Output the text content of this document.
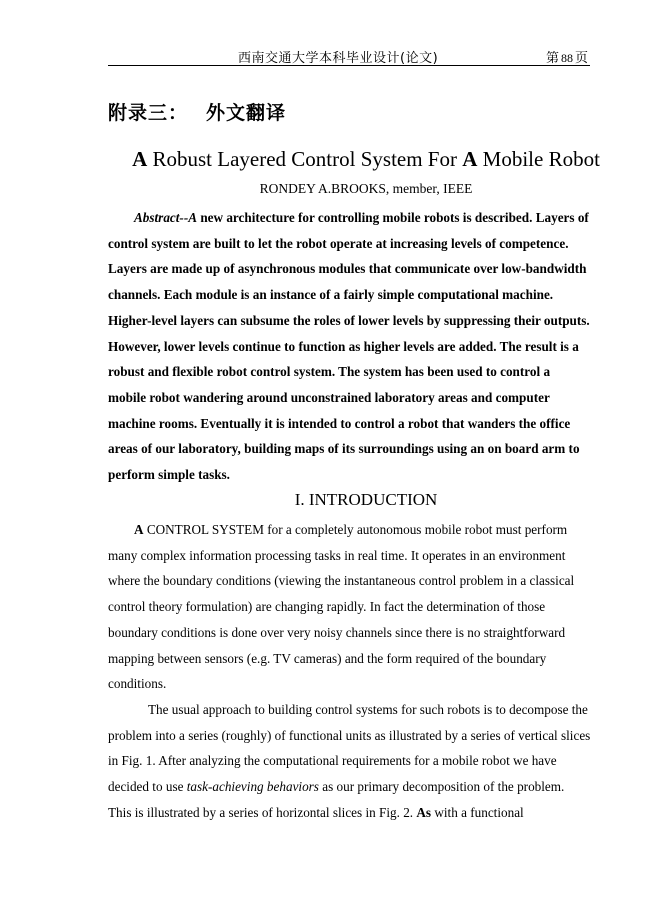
西南交通大学本科毕业设计(论文)	第 88 页
附录三： 外文翻译
A Robust Layered Control System For A Mobile Robot
RONDEY A.BROOKS, member, IEEE
Abstract--A new architecture for controlling mobile robots is described. Layers of
control system are built to let the robot operate at increasing levels of competence.
Layers are made up of asynchronous modules that communicate over low-bandwidth
channels. Each module is an instance of a fairly simple computational machine.
Higher-level layers can subsume the roles of lower levels by suppressing their outputs.
However, lower levels continue to function as higher levels are added. The result is a
robust and flexible robot control system. The system has been used to control a
mobile robot wandering around unconstrained laboratory areas and computer
machine rooms. Eventually it is intended to control a robot that wanders the office
areas of our laboratory, building maps of its surroundings using an on board arm to
perform simple tasks.
I. INTRODUCTION
A CONTROL SYSTEM for a completely autonomous mobile robot must perform
many complex information processing tasks in real time. It operates in an environment
where the boundary conditions (viewing the instantaneous control problem in a classical
control theory formulation) are changing rapidly. In fact the determination of those
boundary conditions is done over very noisy channels since there is no straightforward
mapping between sensors (e.g. TV cameras) and the form required of the boundary
conditions.
The usual approach to building control systems for such robots is to decompose the
problem into a series (roughly) of functional units as illustrated by a series of vertical slices
in Fig. 1. After analyzing the computational requirements for a mobile robot we have
decided to use task-achieving behaviors as our primary decomposition of the problem.
This is illustrated by a series of horizontal slices in Fig. 2. As with a functional
